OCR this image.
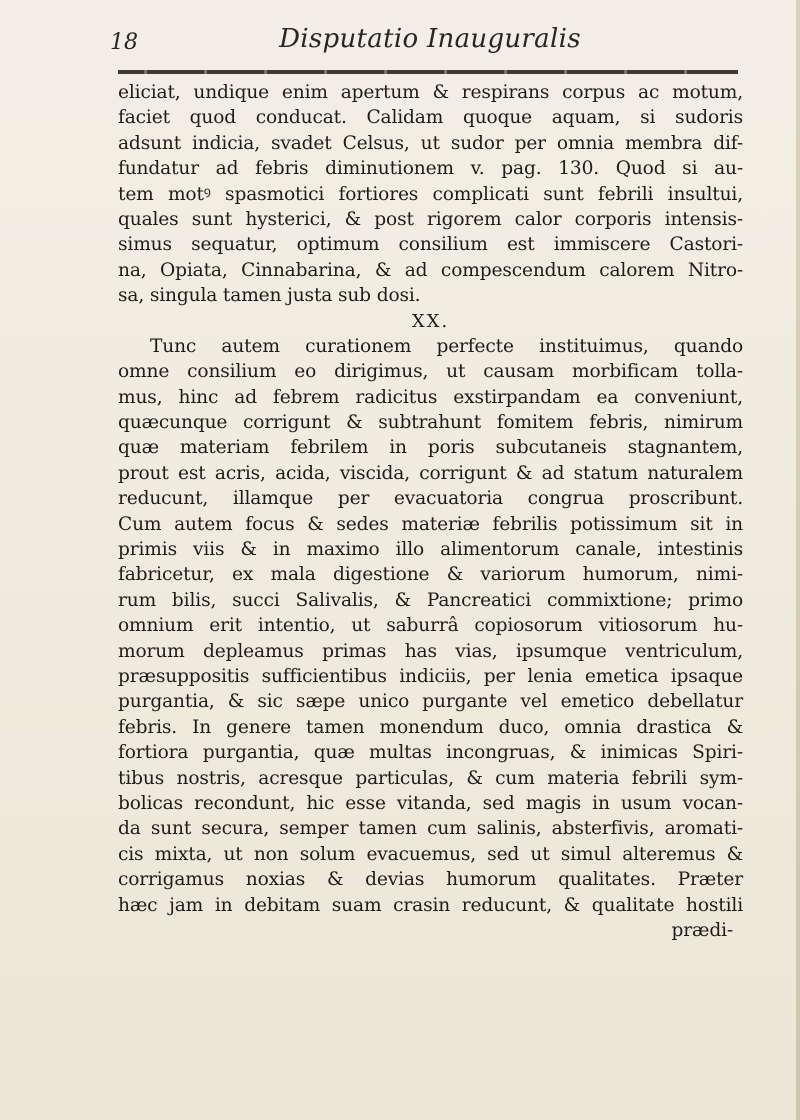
18	Disputatio Inauguralis
eliciat, undique enim apertum & respirans corpus ac motum,
faciet quod conducat. Calidam quoque aquam, si sudoris
adsunt indicia, svadet Celsus, ut sudor per omnia membra dif-
fundatur ad febris diminutionem v. pag. 130. Quod si au-
tem motꝰ spasmotici fortiores complicati sunt febrili insultui,
quales sunt hysterici, & post rigorem calor corporis intensis-
simus sequatur, optimum consilium est immiscere Castori-
na, Opiata, Cinnabarina, & ad compescendum calorem Nitro-
sa, singula tamen justa sub dosi.
XX.
Tunc autem curationem perfecte instituimus, quando
omne consilium eo dirigimus, ut causam morbificam tolla-
mus, hinc ad febrem radicitus exstirpandam ea conveniunt,
quæcunque corrigunt & subtrahunt fomitem febris, nimirum
quæ materiam febrilem in poris subcutaneis stagnantem,
prout est acris, acida, viscida, corrigunt & ad statum naturalem
reducunt, illamque per evacuatoria congrua proscribunt.
Cum autem focus & sedes materiæ febrilis potissimum sit in
primis viis & in maximo illo alimentorum canale, intestinis
fabricetur, ex mala digestione & variorum humorum, nimi-
rum bilis, succi Salivalis, & Pancreatici commixtione; primo
omnium erit intentio, ut saburrâ copiosorum vitiosorum hu-
morum depleamus primas has vias, ipsumque ventriculum,
præsuppositis sufficientibus indiciis, per lenia emetica ipsaque
purgantia, & sic sæpe unico purgante vel emetico debellatur
febris. In genere tamen monendum duco, omnia drastica &
fortiora purgantia, quæ multas incongruas, & inimicas Spiri-
tibus nostris, acresque particulas, & cum materia febrili sym-
bolicas recondunt, hic esse vitanda, sed magis in usum vocan-
da sunt secura, semper tamen cum salinis, absterfivis, aromati-
cis mixta, ut non solum evacuemus, sed ut simul alteremus &
corrigamus noxias & devias humorum qualitates. Præter
hæc jam in debitam suam crasin reducunt, & qualitate hostili
prædi-
